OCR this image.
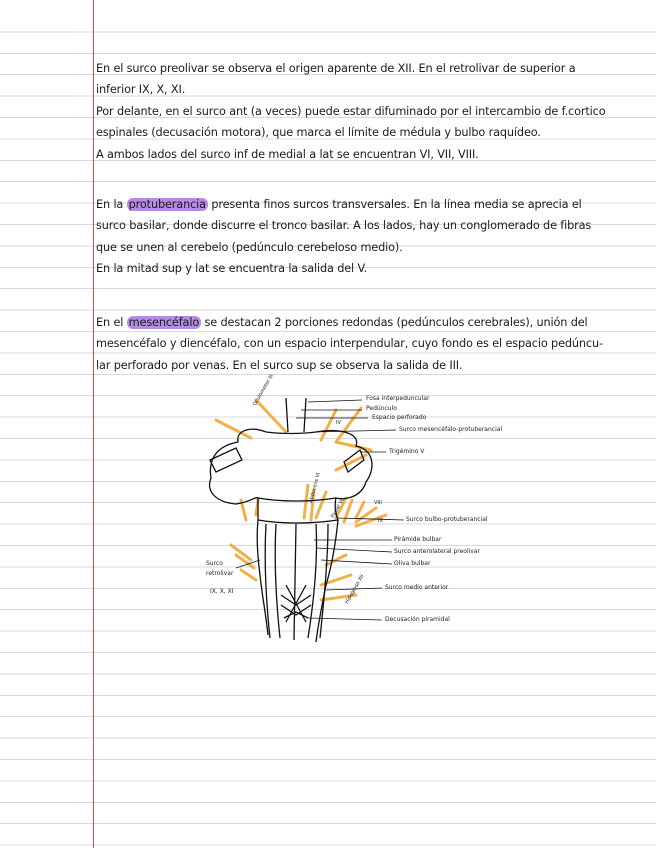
En el surco preolivar se observa el origen aparente de XII. En el retrolivar de superior a
inferior IX, X, XI.
Por delante, en el surco ant (a veces) puede estar difuminado por el intercambio de f.cortico
espinales (decusación motora), que marca el límite de médula y bulbo raquídeo.
A ambos lados del surco inf de medial a lat se encuentran VI, VII, VIII.

En la protuberancia presenta finos surcos transversales. En la línea media se aprecia el
surco basilar, donde discurre el tronco basilar. A los lados, hay un conglomerado de fibras
que se unen al cerebelo (pedúnculo cerebeloso medio).
En la mitad sup y lat se encuentra la salida del V.

En el mesencéfalo se destacan 2 porciones redondas (pedúnculos cerebrales), unión del
mesencéfalo y diencéfalo, con un espacio interpendular, cuyo fondo es el espacio pedúncu-
lar perforado por venas. En el surco sup se observa la salida de III.

Fosa interpeduncular
Pedúnculo
Espacio perforado
Surco mesencéfalo-protuberancial
Trigémino V
Surco bulbo-protuberancial
Pirámide bulbar
Surco anterolateral preolivar
Oliva bulbar
Surco medio anterior
Decusación piramidal
Surco
retrolivar
IX, X, XI
Oculomotor III
IV
Abducens VI
Facial VII	VIII
IX
Hipogloso XII
